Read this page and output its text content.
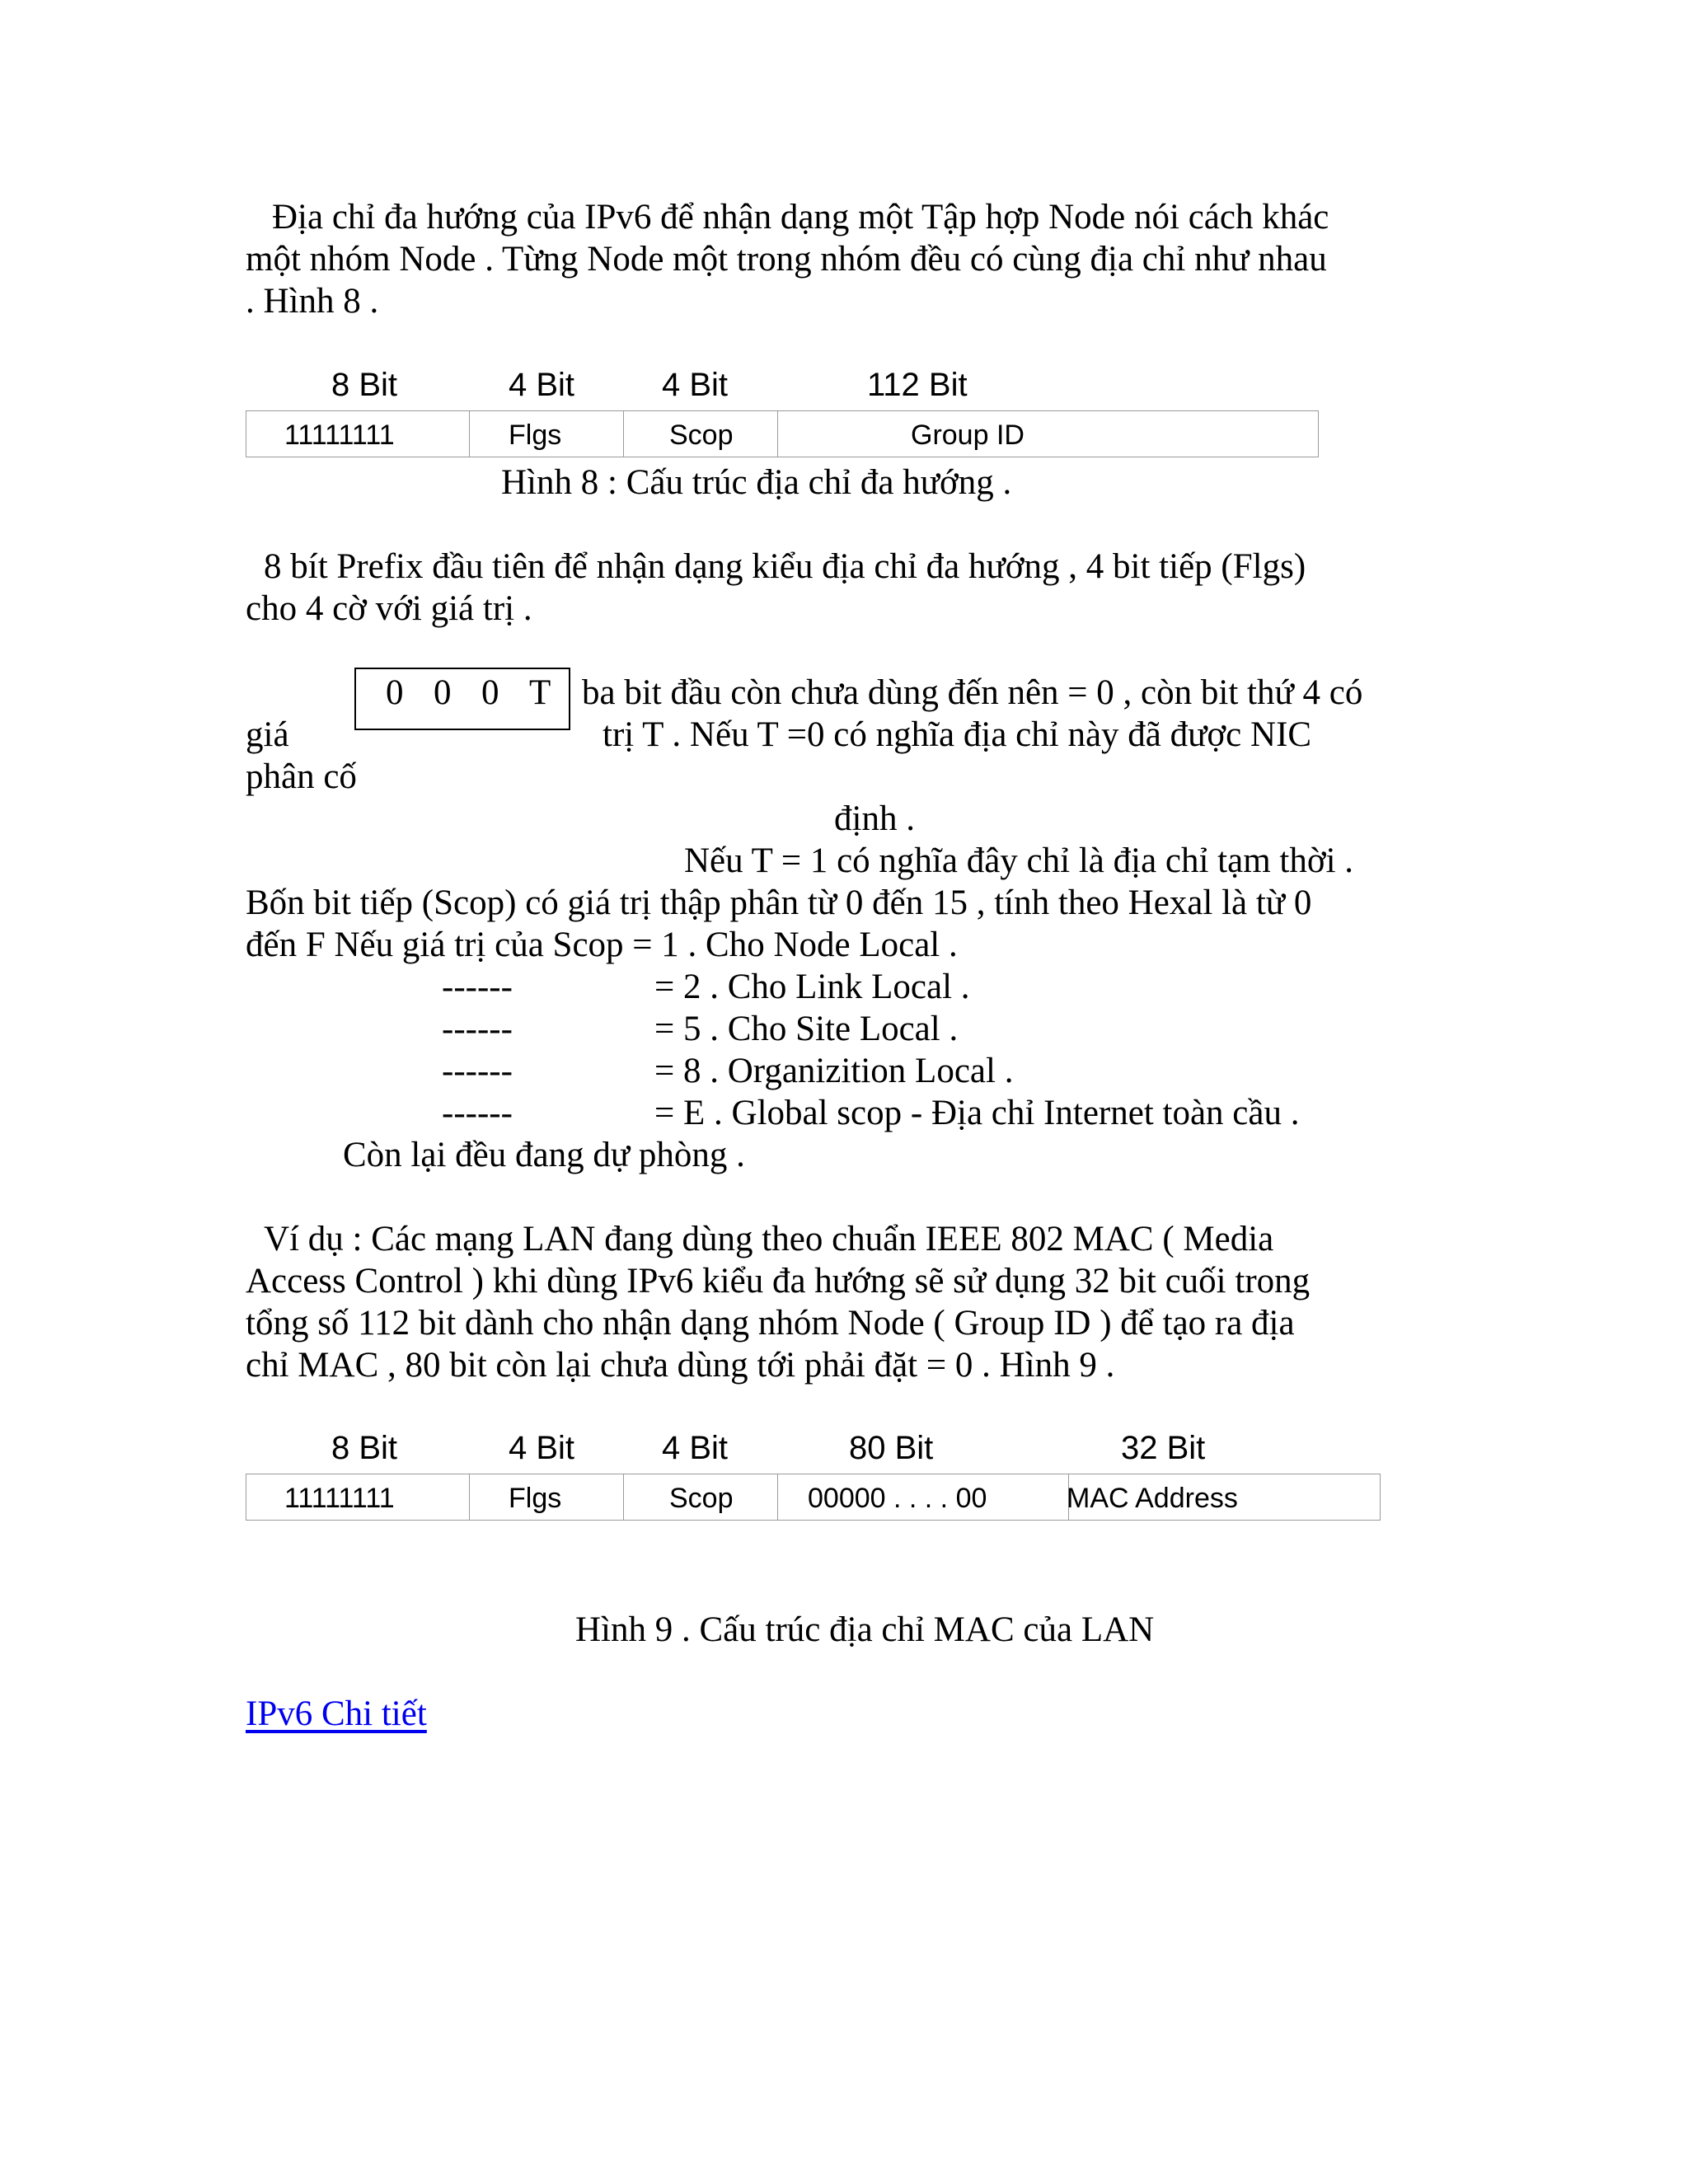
Địa chỉ đa hướng của IPv6 để nhận dạng một Tập hợp Node nói cách khác
một nhóm Node . Từng Node một trong nhóm đều có cùng địa chỉ như nhau
. Hình 8 .
8 Bit	4 Bit	4 Bit	112 Bit
11111111	Flgs	Scop	Group ID
Hình 8 : Cấu trúc địa chỉ đa hướng .
8 bít Prefix đầu tiên để nhận dạng kiểu địa chỉ đa hướng , 4 bit tiếp (Flgs)
cho 4 cờ với giá trị .
0 0 0 T ba bit đầu còn chưa dùng đến nên = 0 , còn bit thứ 4 có
giá	trị T . Nếu T =0 có nghĩa địa chỉ này đã được NIC
phân cố
định .
Nếu T = 1 có nghĩa đây chỉ là địa chỉ tạm thời .
Bốn bit tiếp (Scop) có giá trị thập phân từ 0 đến 15 , tính theo Hexal là từ 0
đến F Nếu giá trị của Scop = 1 . Cho Node Local .
------	= 2 . Cho Link Local .
------	= 5 . Cho Site Local .
------	= 8 . Organizition Local .
------	= E . Global scop - Địa chỉ Internet toàn cầu .
Còn lại đều đang dự phòng .
Ví dụ : Các mạng LAN đang dùng theo chuẩn IEEE 802 MAC ( Media
Access Control ) khi dùng IPv6 kiểu đa hướng sẽ sử dụng 32 bit cuối trong
tổng số 112 bit dành cho nhận dạng nhóm Node ( Group ID ) để tạo ra địa
chỉ MAC , 80 bit còn lại chưa dùng tới phải đặt = 0 . Hình 9 .
8 Bit	4 Bit	4 Bit	80 Bit	32 Bit
11111111	Flgs	Scop	00000 . . . . 00	MAC Address
Hình 9 . Cấu trúc địa chỉ MAC của LAN
IPv6 Chi tiết
